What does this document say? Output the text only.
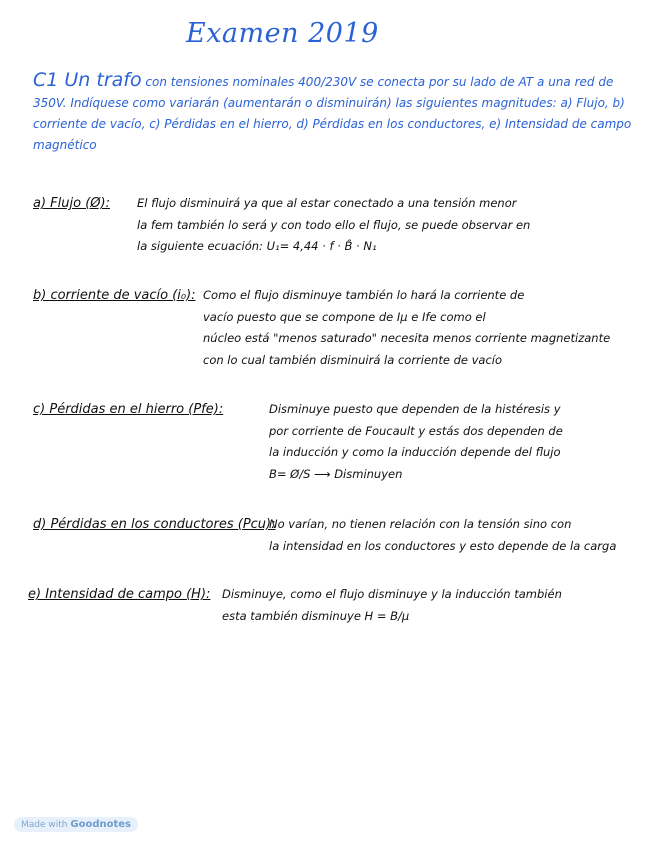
Examen 2019
C1 Un trafo con tensiones nominales 400/230V se conecta por su lado de AT a una red de 350V. Indíquese como variarán (aumentarán o disminuirán) las siguientes magnitudes: a) Flujo, b) corriente de vacío, c) Pérdidas en el hierro, d) Pérdidas en los conductores, e) Intensidad de campo magnético
a) Flujo (Ø): El flujo disminuirá ya que al estar conectado a una tensión menor

la fem también lo será y con todo ello el flujo, se puede observar en

la siguiente ecuación: U₁= 4,44 · f · B̂ · N₁

b) corriente de vacío (i₀): Como el flujo disminuye también lo hará la corriente de

vacío puesto que se compone de Iμ e Ife como el

núcleo está "menos saturado" necesita menos corriente magnetizante

con lo cual también disminuirá la corriente de vacío

c) Pérdidas en el hierro (Pfe):	Disminuye puesto que dependen de la histéresis y

por corriente de Foucault y estás dos dependen de

la inducción y como la inducción depende del flujo

B= Ø/S ⟶ Disminuyen

d) Pérdidas en los conductores (Pcu):

No varían, no tienen relación con la tensión sino con

la intensidad en los conductores y esto depende de la carga

e) Intensidad de campo (H): Disminuye, como el flujo disminuye y la inducción también

esta también disminuye H = B/μ

Made with Goodnotes
